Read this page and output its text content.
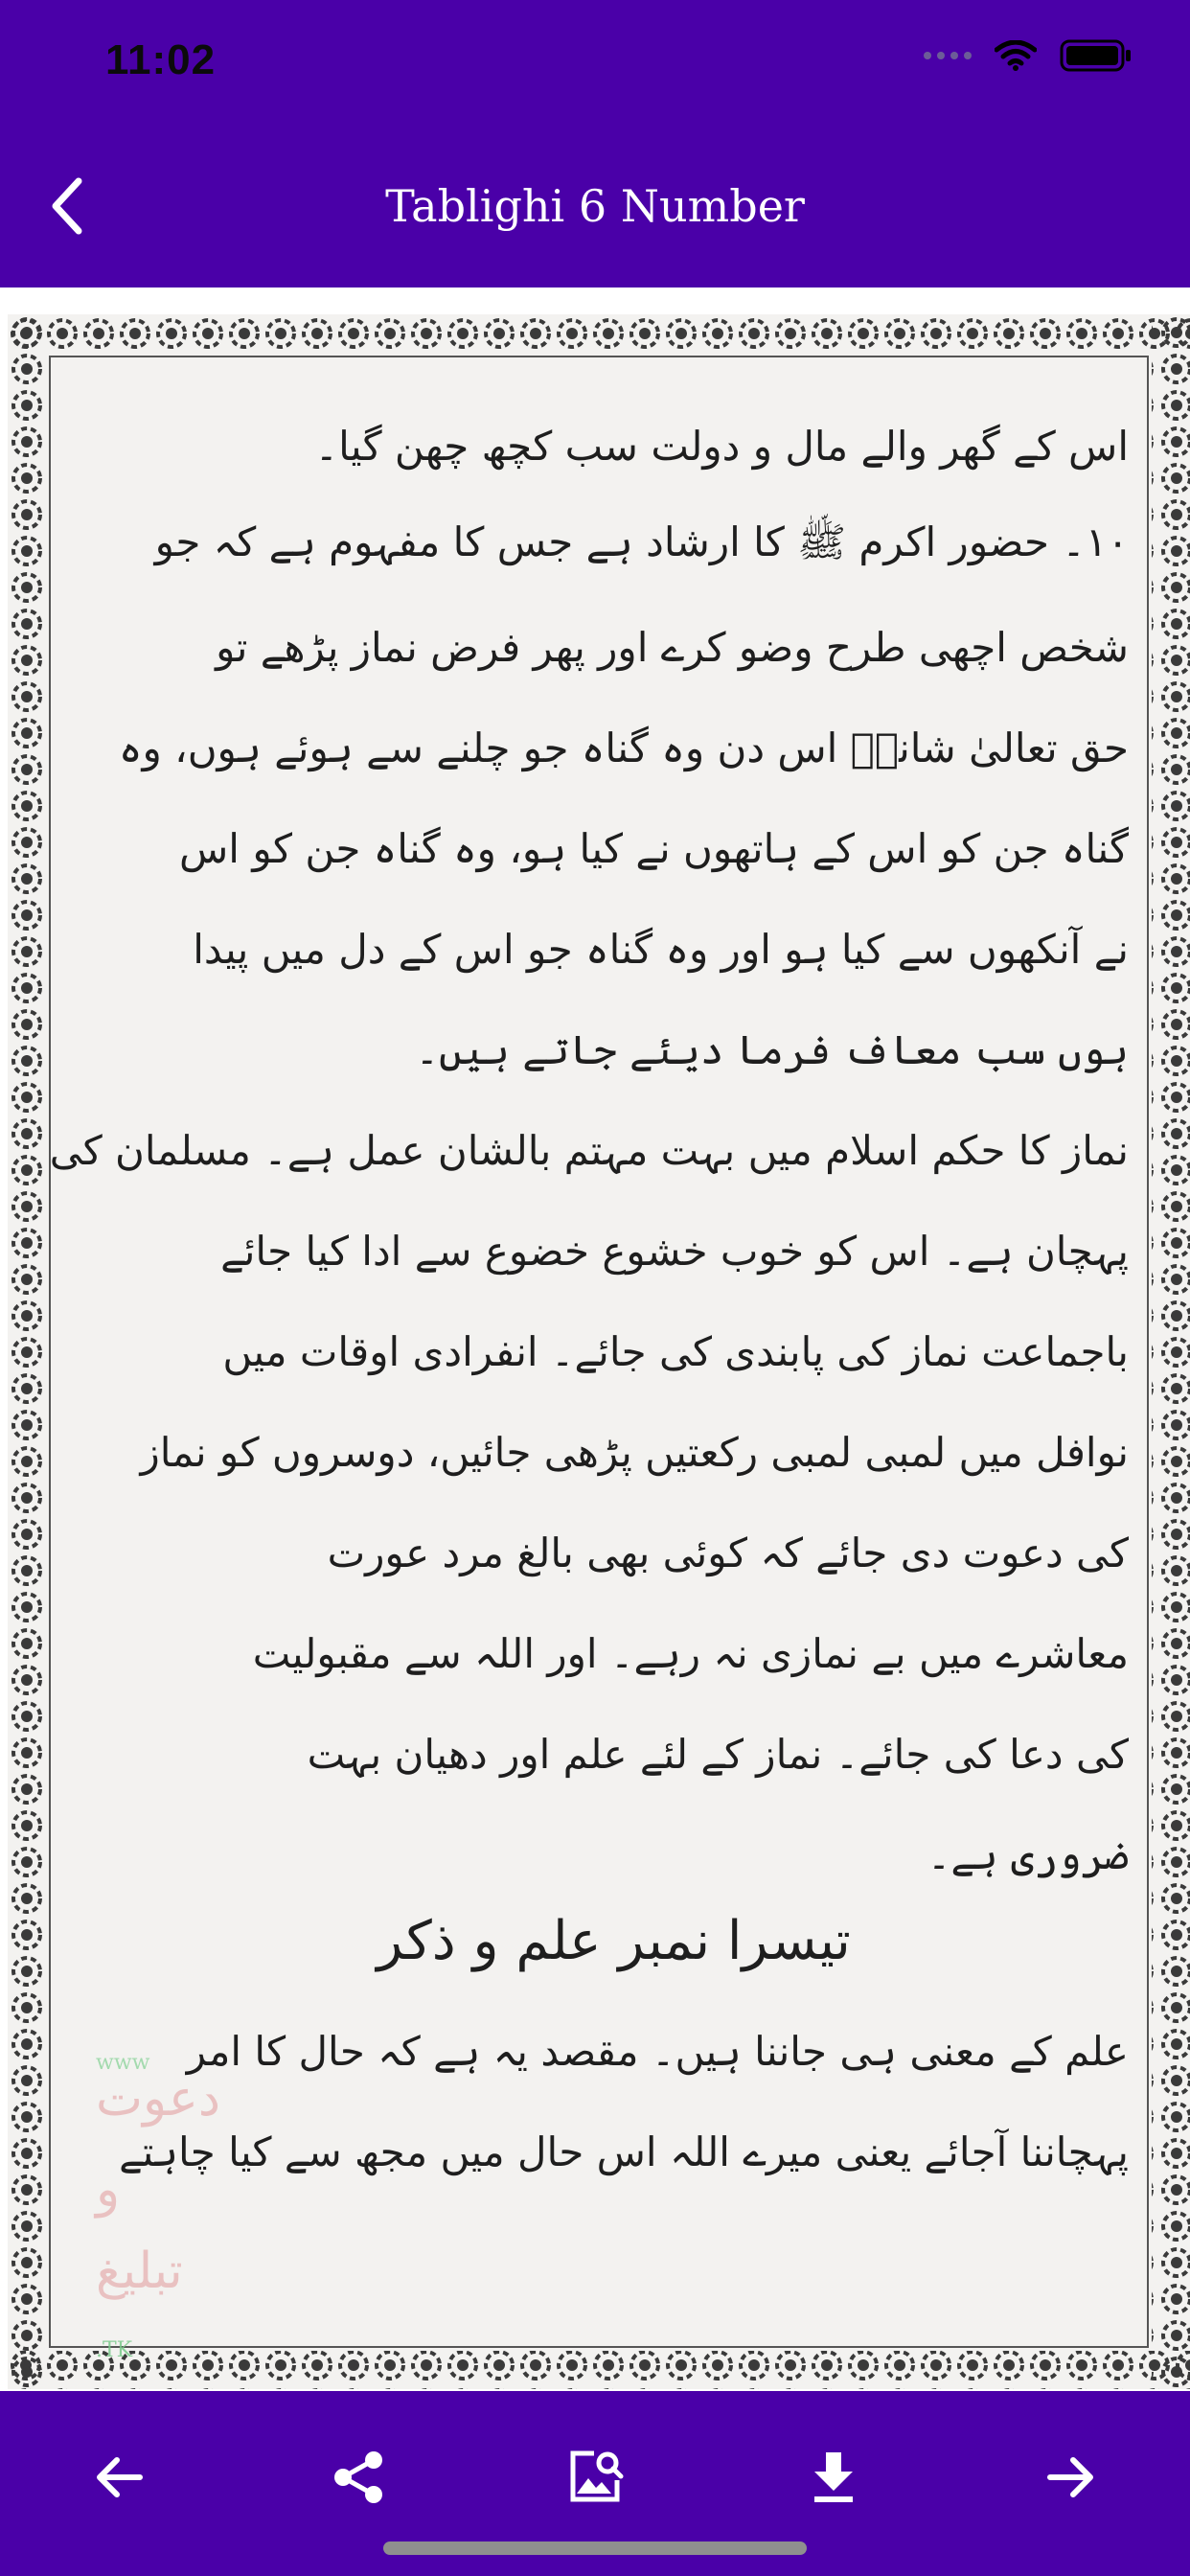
11:02
Tablighi 6 Number
اس کے گھر والے مال و دولت سب کچھ چھن گیا۔
۱۰۔ حضور اکرم ﷺ کا ارشاد ہے جس کا مفہوم ہے کہ جو
شخص اچھی طرح وضو کرے اور پھر فرض نماز پڑھے تو
حق تعالیٰ شانہٗ اس دن وہ گناہ جو چلنے سے ہوئے ہوں، وہ
گناہ جن کو اس کے ہاتھوں نے کیا ہو، وہ گناہ جن کو اس
نے آنکھوں سے کیا ہو اور وہ گناہ جو اس کے دل میں پیدا
ہوں سب معاف فرما دیئے جاتے ہیں۔
نماز کا حکم اسلام میں بہت مہتم بالشان عمل ہے۔ مسلمان کی
پہچان ہے۔ اس کو خوب خشوع خضوع سے ادا کیا جائے
باجماعت نماز کی پابندی کی جائے۔ انفرادی اوقات میں
نوافل میں لمبی لمبی رکعتیں پڑھی جائیں، دوسروں کو نماز
کی دعوت دی جائے کہ کوئی بھی بالغ مرد عورت
معاشرے میں بے نمازی نہ رہے۔ اور اللہ سے مقبولیت
کی دعا کی جائے۔ نماز کے لئے علم اور دھیان بہت
ضروری ہے۔
تیسرا نمبر علم و ذکر
علم کے معنی ہی جاننا ہیں۔ مقصد یہ ہے کہ حال کا امر
پہچاننا آجائے یعنی میرے اللہ اس حال میں مجھ سے کیا چاہتے
www
دعوت
و
تبلیغ
.TK
